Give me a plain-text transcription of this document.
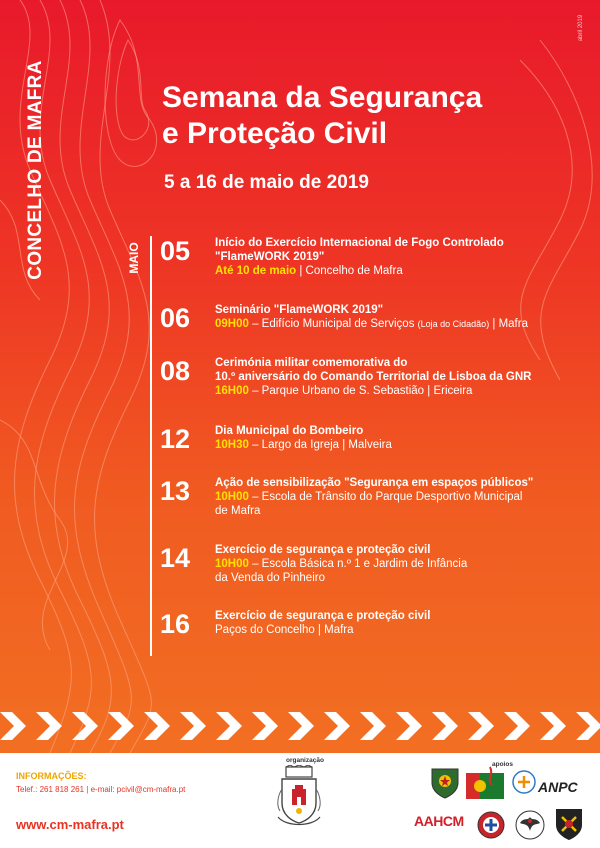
CONCELHO DE MAFRA
abril 2019
Semana da Segurança
e Proteção Civil
5 a 16 de maio de 2019
MAIO 05	Início do Exercício Internacional de Fogo Controlado
"FlameWORK 2019"
Até 10 de maio | Concelho de Mafra
06	Seminário "FlameWORK 2019"
09H00 – Edifício Municipal de Serviços (Loja do Cidadão) | Mafra
08	Cerimónia militar comemorativa do
10.º aniversário do Comando Territorial de Lisboa da GNR
16H00 – Parque Urbano de S. Sebastião | Ericeira
12	Dia Municipal do Bombeiro
10H30 – Largo da Igreja | Malveira
13	Ação de sensibilização "Segurança em espaços públicos"
10H00 – Escola de Trânsito do Parque Desportivo Municipal
de Mafra
14	Exercício de segurança e proteção civil
10H00 – Escola Básica n.º 1 e Jardim de Infância
da Venda do Pinheiro
16	Exercício de segurança e proteção civil
Paços do Concelho | Mafra
INFORMAÇÕES:
Telef.: 261 818 261 | e-mail: pcivil@cm-mafra.pt
www.cm-mafra.pt
organização
apoios
ANPC
AAHCM
